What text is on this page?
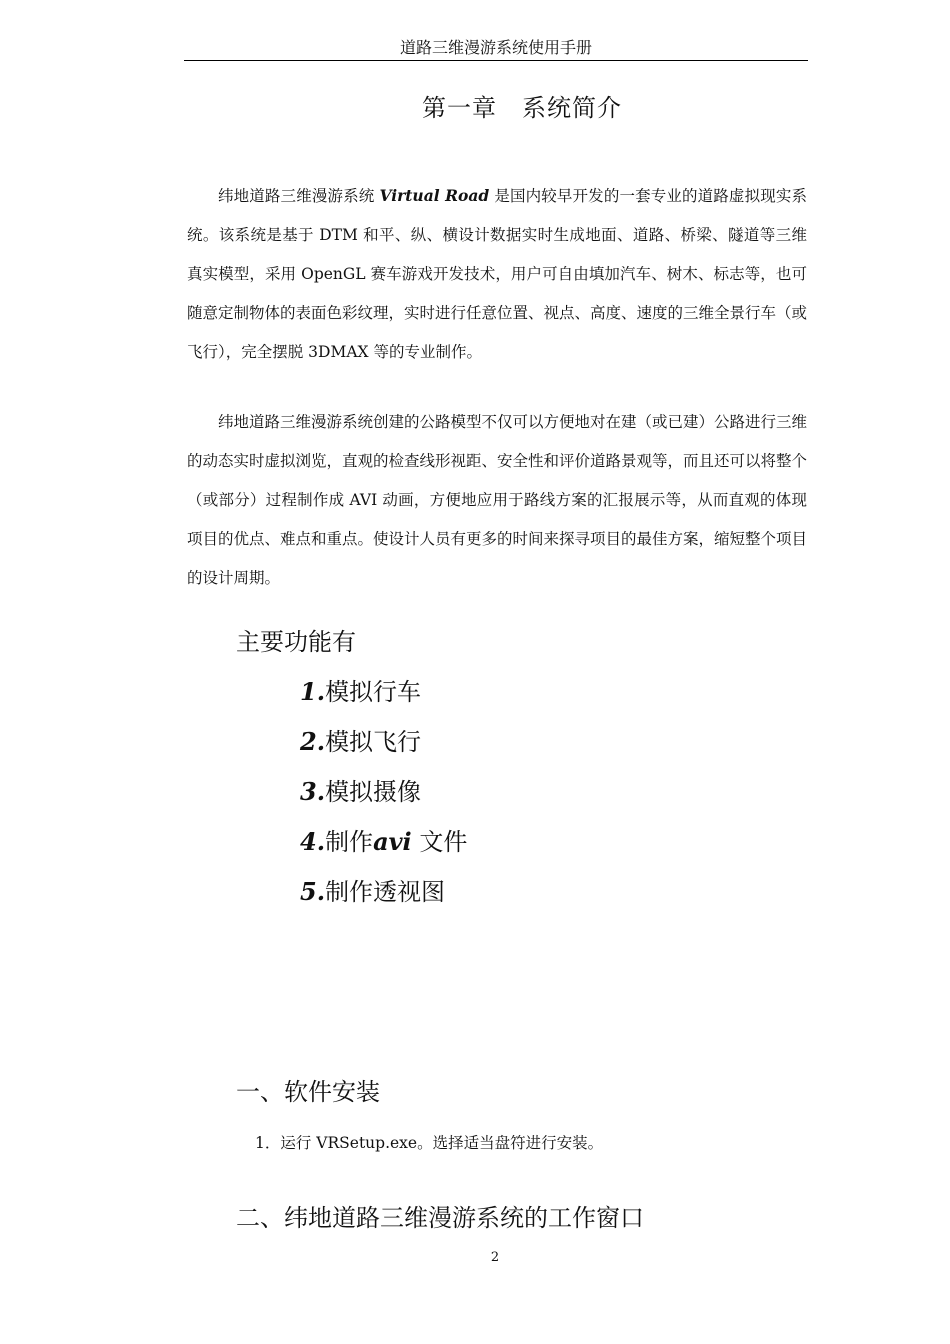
道路三维漫游系统使用手册
第一章　系统简介

纬地道路三维漫游系统 Virtual Road 是国内较早开发的一套专业的道路虚拟现实系统。该系统是基于 DTM 和平、纵、横设计数据实时生成地面、道路、桥梁、隧道等三维真实模型，采用 OpenGL 赛车游戏开发技术，用户可自由填加汽车、树木、标志等，也可随意定制物体的表面色彩纹理，实时进行任意位置、视点、高度、速度的三维全景行车（或飞行），完全摆脱 3DMAX 等的专业制作。

纬地道路三维漫游系统创建的公路模型不仅可以方便地对在建（或已建）公路进行三维的动态实时虚拟浏览，直观的检查线形视距、安全性和评价道路景观等，而且还可以将整个（或部分）过程制作成 AVI 动画，方便地应用于路线方案的汇报展示等，从而直观的体现项目的优点、难点和重点。使设计人员有更多的时间来探寻项目的最佳方案，缩短整个项目的设计周期。

主要功能有
1.模拟行车
2.模拟飞行
3.模拟摄像
4.制作avi 文件
5.制作透视图
一、软件安装
1．运行 VRSetup.exe。选择适当盘符进行安装。
二、纬地道路三维漫游系统的工作窗口
2
